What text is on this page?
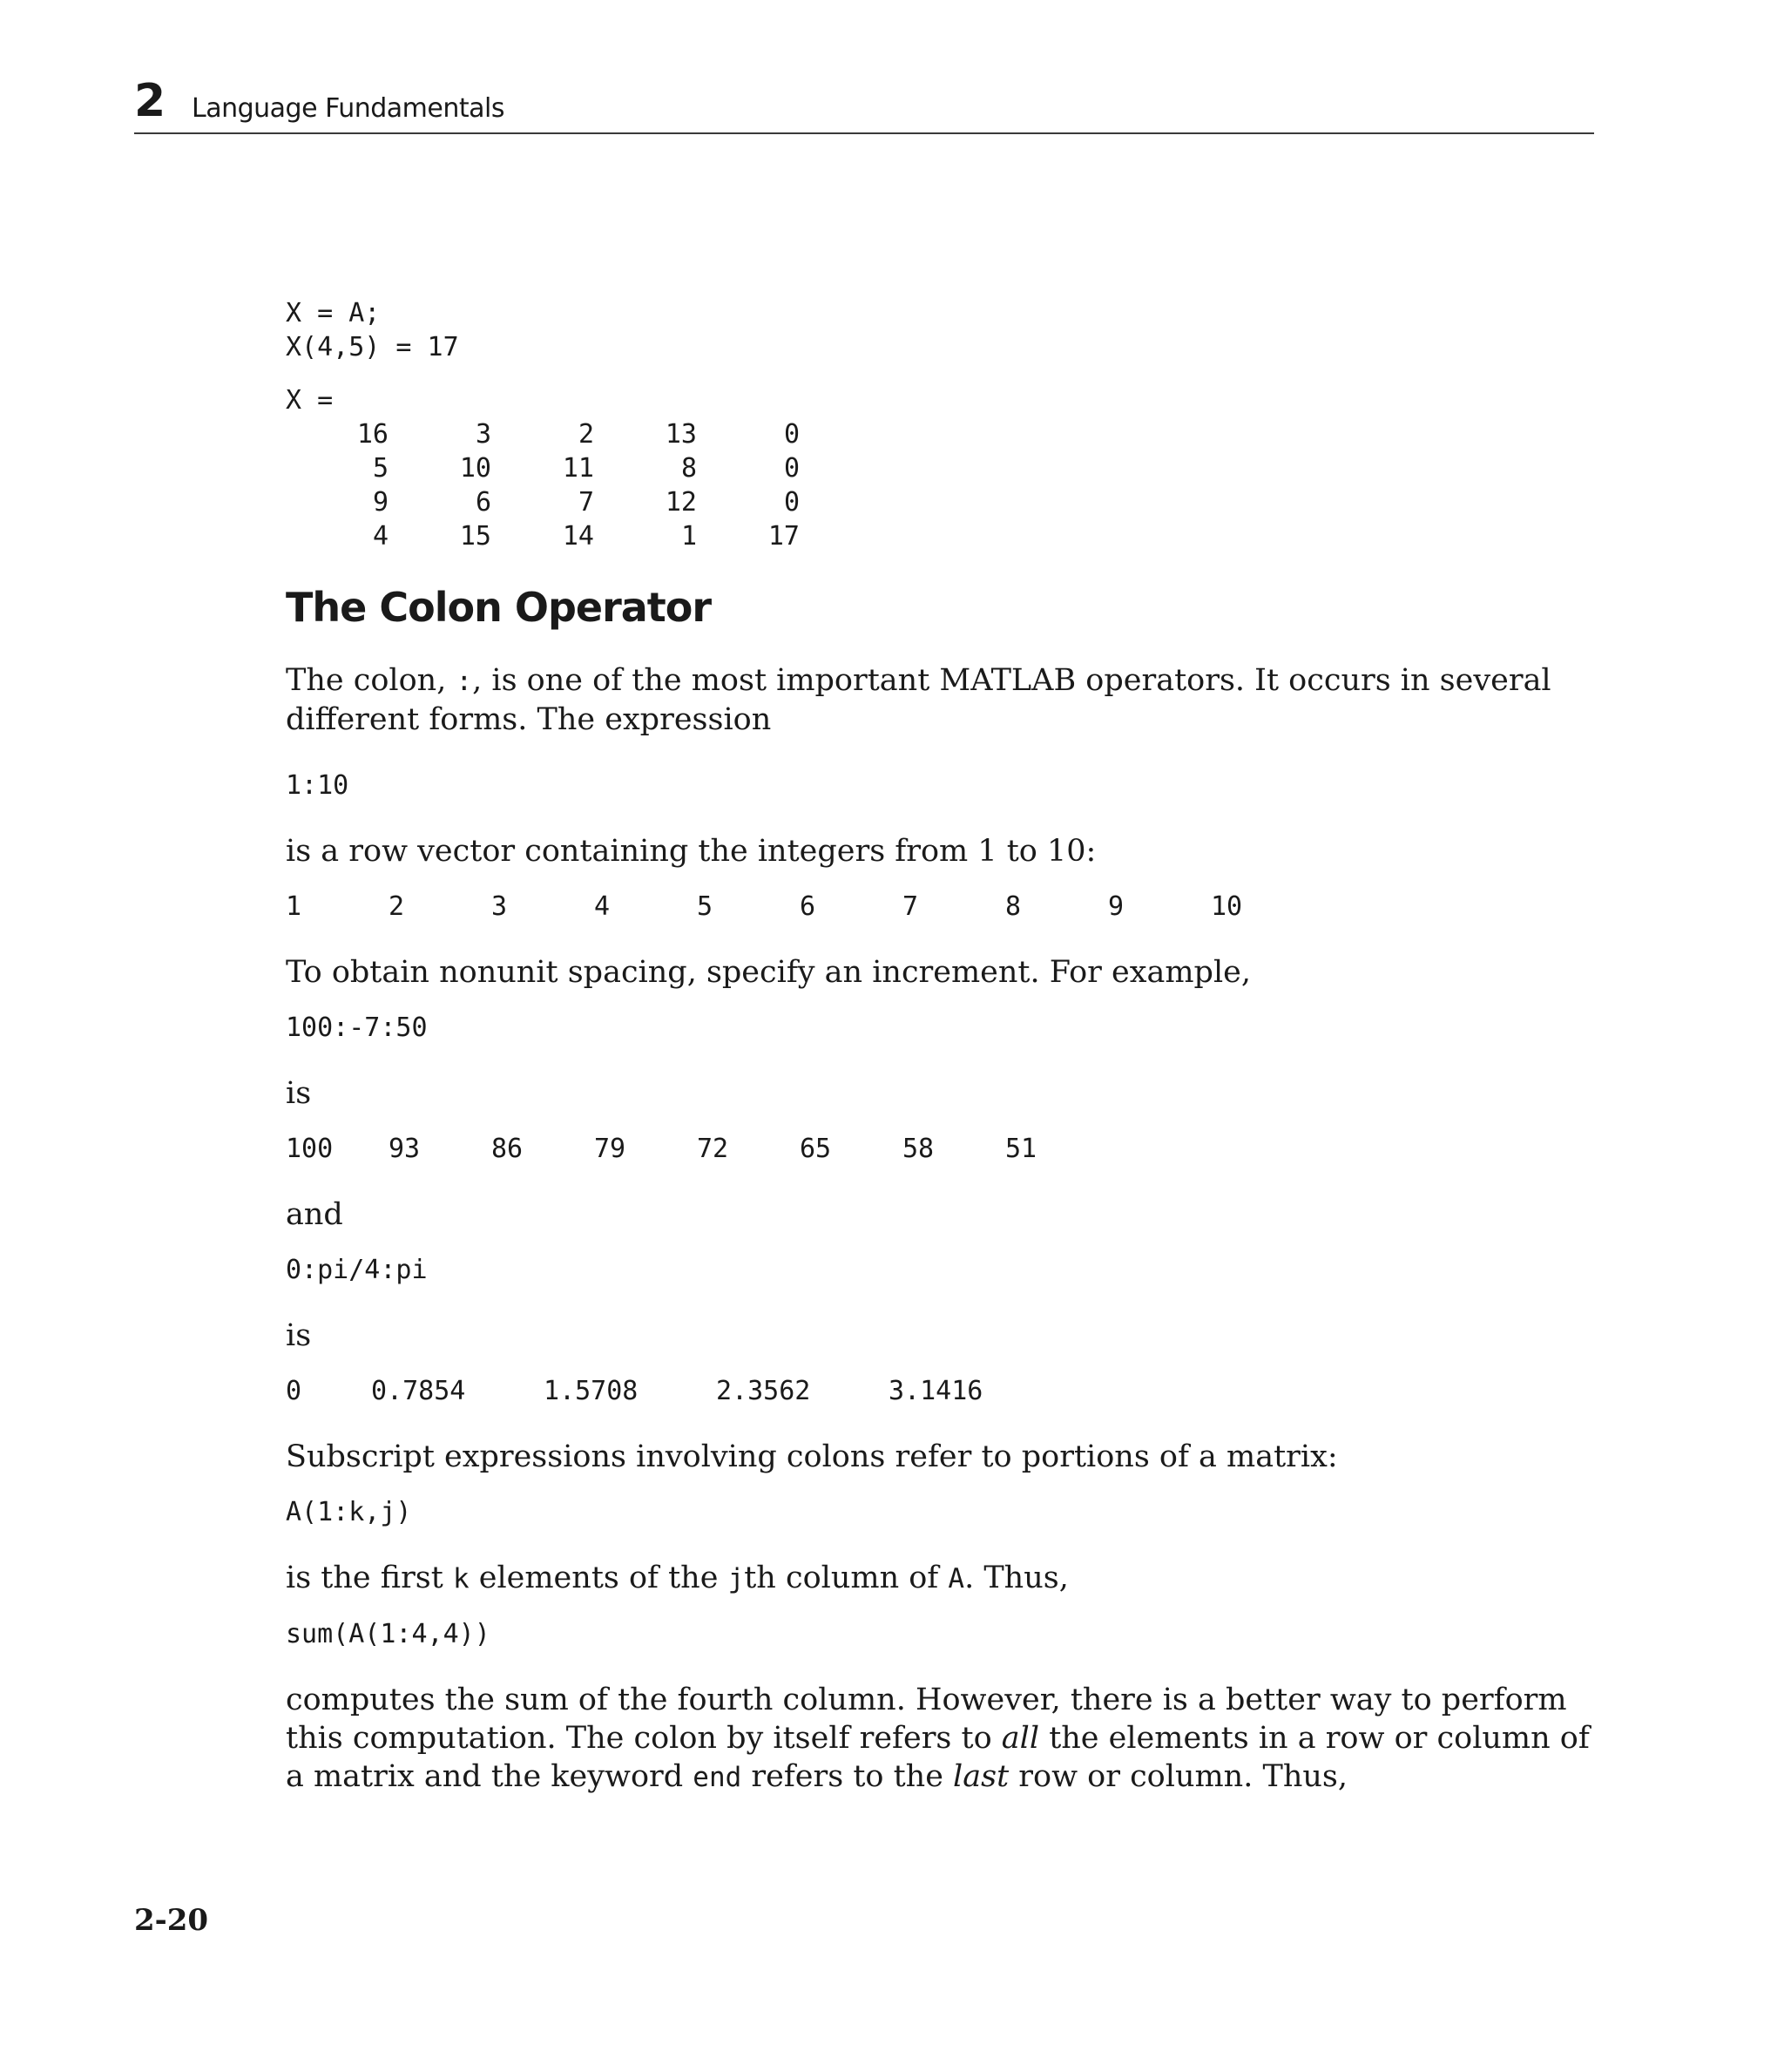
2 Language Fundamentals
X = A;
X(4,5) = 17
X =
16	3	2	13	0
5	10	11	8	0
9	6	7	12	0
4	15	14	1	17
The Colon Operator

The colon, :, is one of the most important MATLAB operators. It occurs in several different forms. The expression

1:10

is a row vector containing the integers from 1 to 10:

1	2	3	4	5	6	7	8	9	10

To obtain nonunit spacing, specify an increment. For example,

100:-7:50

is

100	93	86	79	72	65	58	51

and

0:pi/4:pi

is

0	0.7854	1.5708	2.3562	3.1416

Subscript expressions involving colons refer to portions of a matrix:

A(1:k,j)

is the first k elements of the jth column of A. Thus,

sum(A(1:4,4))

computes the sum of the fourth column. However, there is a better way to perform this computation. The colon by itself refers to all the elements in a row or column of a matrix and the keyword end refers to the last row or column. Thus,

2-20
